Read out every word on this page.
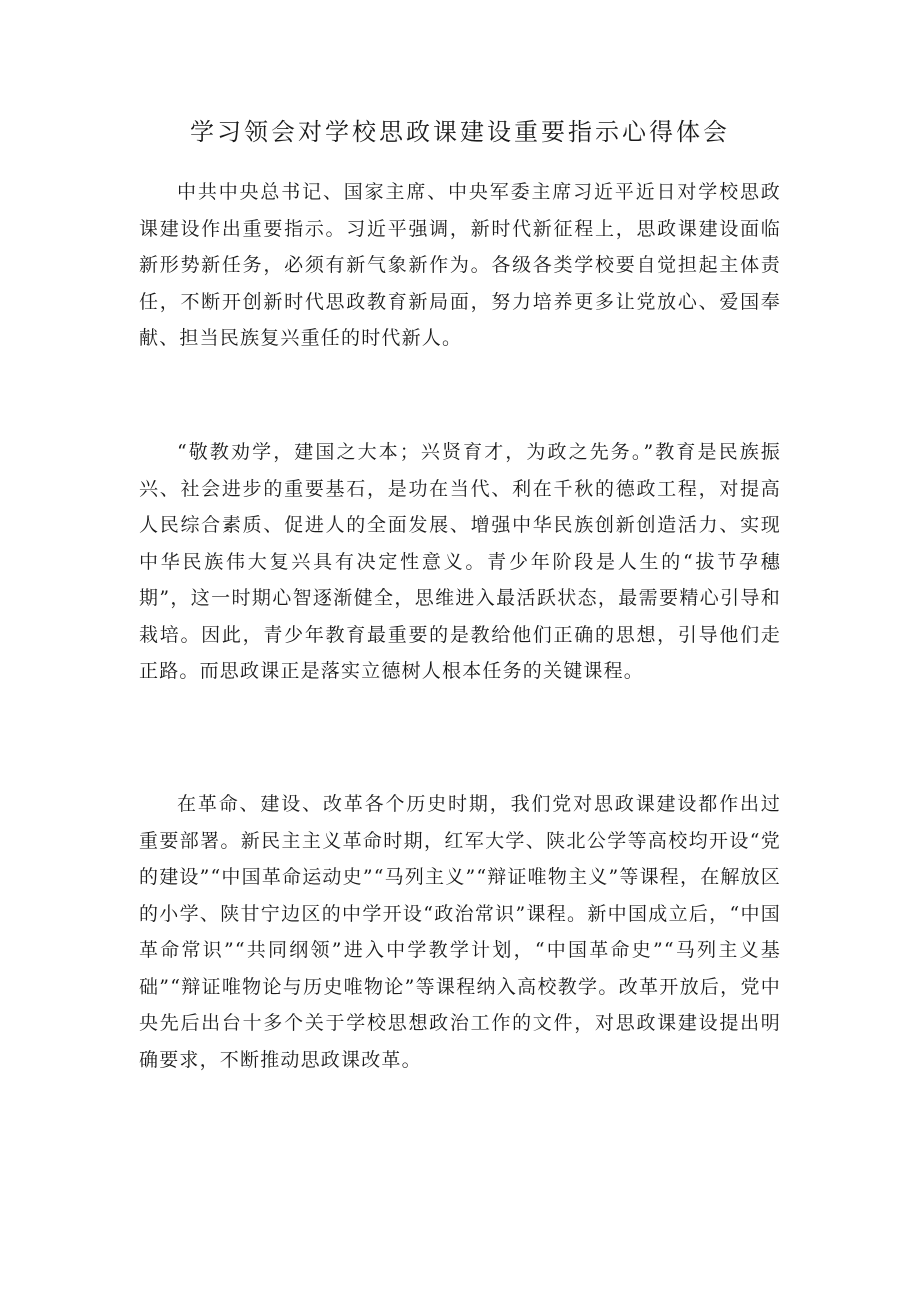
学习领会对学校思政课建设重要指示心得体会

中共中央总书记、国家主席、中央军委主席习近平近日对学校思政课建设作出重要指示。习近平强调，新时代新征程上，思政课建设面临新形势新任务，必须有新气象新作为。各级各类学校要自觉担起主体责任，不断开创新时代思政教育新局面，努力培养更多让党放心、爱国奉献、担当民族复兴重任的时代新人。

“敬教劝学，建国之大本；兴贤育才，为政之先务。”教育是民族振兴、社会进步的重要基石，是功在当代、利在千秋的德政工程，对提高人民综合素质、促进人的全面发展、增强中华民族创新创造活力、实现中华民族伟大复兴具有决定性意义。青少年阶段是人生的“拔节孕穗期”，这一时期心智逐渐健全，思维进入最活跃状态，最需要精心引导和栽培。因此，青少年教育最重要的是教给他们正确的思想，引导他们走正路。而思政课正是落实立德树人根本任务的关键课程。

在革命、建设、改革各个历史时期，我们党对思政课建设都作出过重要部署。新民主主义革命时期，红军大学、陕北公学等高校均开设“党的建设”“中国革命运动史”“马列主义”“辩证唯物主义”等课程，在解放区的小学、陕甘宁边区的中学开设“政治常识”课程。新中国成立后，“中国革命常识”“共同纲领”进入中学教学计划，“中国革命史”“马列主义基础”“辩证唯物论与历史唯物论”等课程纳入高校教学。改革开放后，党中央先后出台十多个关于学校思想政治工作的文件，对思政课建设提出明确要求，不断推动思政课改革。
